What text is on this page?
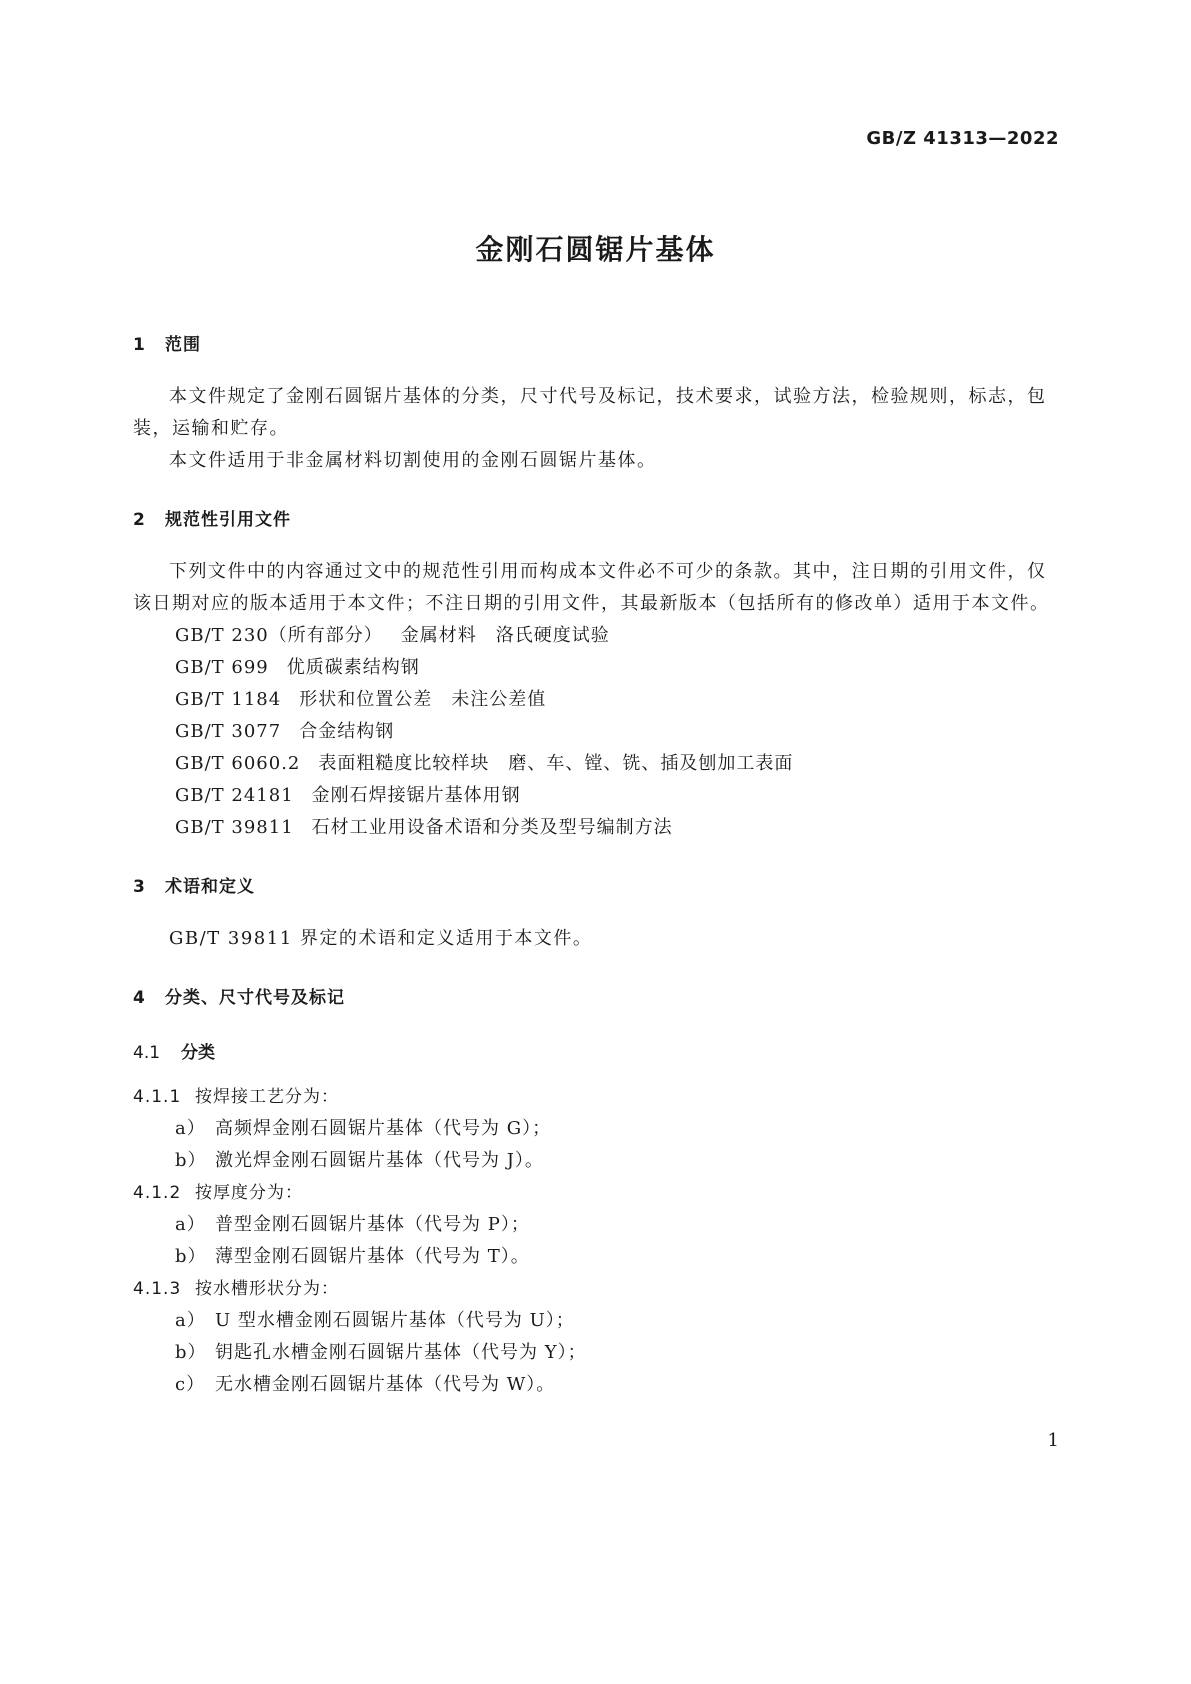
GB/Z 41313—2022
金刚石圆锯片基体
1 范围

本文件规定了金刚石圆锯片基体的分类，尺寸代号及标记，技术要求，试验方法，检验规则，标志，包装，运输和贮存。

本文件适用于非金属材料切割使用的金刚石圆锯片基体。

2 规范性引用文件

下列文件中的内容通过文中的规范性引用而构成本文件必不可少的条款。其中，注日期的引用文件，仅该日期对应的版本适用于本文件；不注日期的引用文件，其最新版本（包括所有的修改单）适用于本文件。

GB/T 230（所有部分） 金属材料　洛氏硬度试验
GB/T 699 优质碳素结构钢
GB/T 1184 形状和位置公差　未注公差值
GB/T 3077 合金结构钢
GB/T 6060.2 表面粗糙度比较样块　磨、车、镗、铣、插及刨加工表面
GB/T 24181 金刚石焊接锯片基体用钢
GB/T 39811 石材工业用设备术语和分类及型号编制方法
3 术语和定义

GB/T 39811 界定的术语和定义适用于本文件。

4 分类、尺寸代号及标记
4.1 分类
4.1.1 按焊接工艺分为：
a） 高频焊金刚石圆锯片基体（代号为 G）；
b） 激光焊金刚石圆锯片基体（代号为 J）。
4.1.2 按厚度分为：
a） 普型金刚石圆锯片基体（代号为 P）；
b） 薄型金刚石圆锯片基体（代号为 T）。
4.1.3 按水槽形状分为：
a） U 型水槽金刚石圆锯片基体（代号为 U）；
b） 钥匙孔水槽金刚石圆锯片基体（代号为 Y）；
c） 无水槽金刚石圆锯片基体（代号为 W）。
1
